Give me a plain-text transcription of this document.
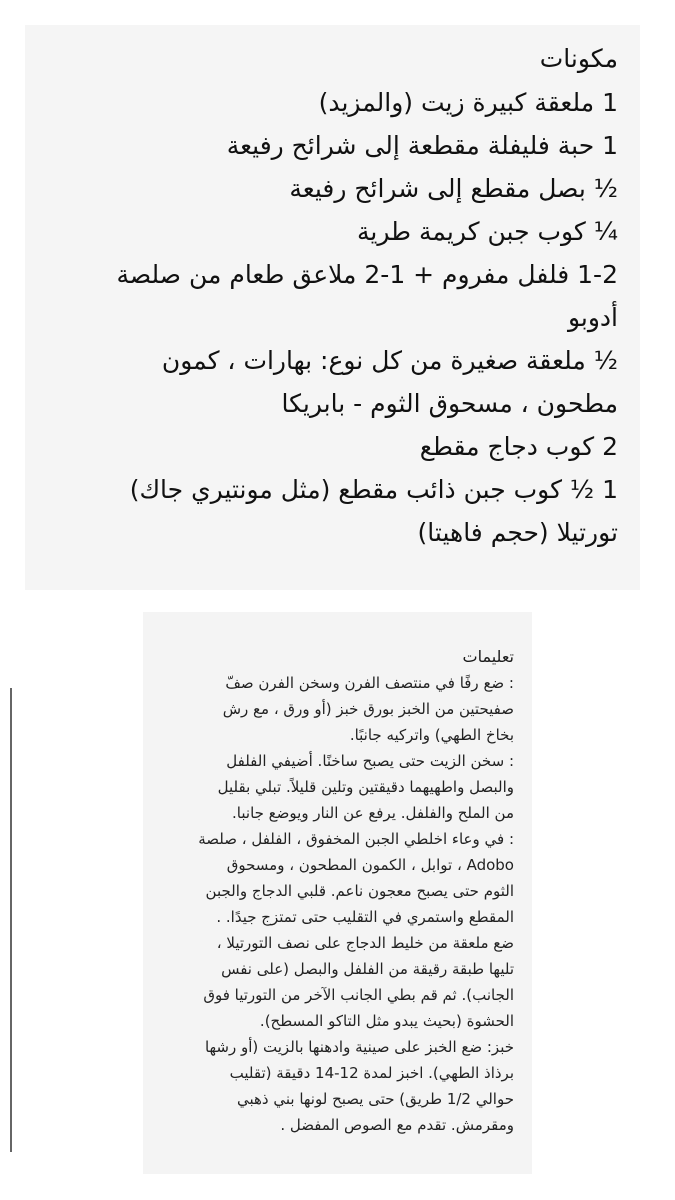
مكونات

1 ملعقة كبيرة زيت (والمزيد)

1 حبة فليفلة مقطعة إلى شرائح رفيعة

½ بصل مقطع إلى شرائح رفيعة

¼ كوب جبن كريمة طرية

1-2 فلفل مفروم + 1-2 ملاعق طعام من صلصة

أدوبو

½ ملعقة صغيرة من كل نوع: بهارات ، كمون

مطحون ، مسحوق الثوم - بابريكا

2 كوب دجاج مقطع

1 ½ كوب جبن ذائب مقطع (مثل مونتيري جاك)

تورتيلا (حجم فاهيتا)

تعليمات

: ضع رفًا في منتصف الفرن وسخن الفرن صفّ
صفيحتين من الخبز بورق خبز (أو ورق ، مع رش
بخاخ الطهي) واتركيه جانبًا.
: سخن الزيت حتى يصبح ساخنًا. أضيفي الفلفل
والبصل واطهيهما دقيقتين وتلين قليلاً. تبلي بقليل
من الملح والفلفل. يرفع عن النار ويوضع جانبا.
: في وعاء اخلطي الجبن المخفوق ، الفلفل ، صلصة
Adobo ، توابل ، الكمون المطحون ، ومسحوق
الثوم حتى يصبح معجون ناعم. قلبي الدجاج والجبن
المقطع واستمري في التقليب حتى تمتزج جيدًا. .
ضع ملعقة من خليط الدجاج على نصف التورتيلا ،
تليها طبقة رقيقة من الفلفل والبصل (على نفس
الجانب). ثم قم بطي الجانب الآخر من التورتيا فوق
الحشوة (بحيث يبدو مثل التاكو المسطح).
خبز: ضع الخبز على صينية وادهنها بالزيت (أو رشها
برذاذ الطهي). اخبز لمدة 12-14 دقيقة (تقليب
حوالي 1/2 طريق) حتى يصبح لونها بني ذهبي
ومقرمش. تقدم مع الصوص المفضل .
